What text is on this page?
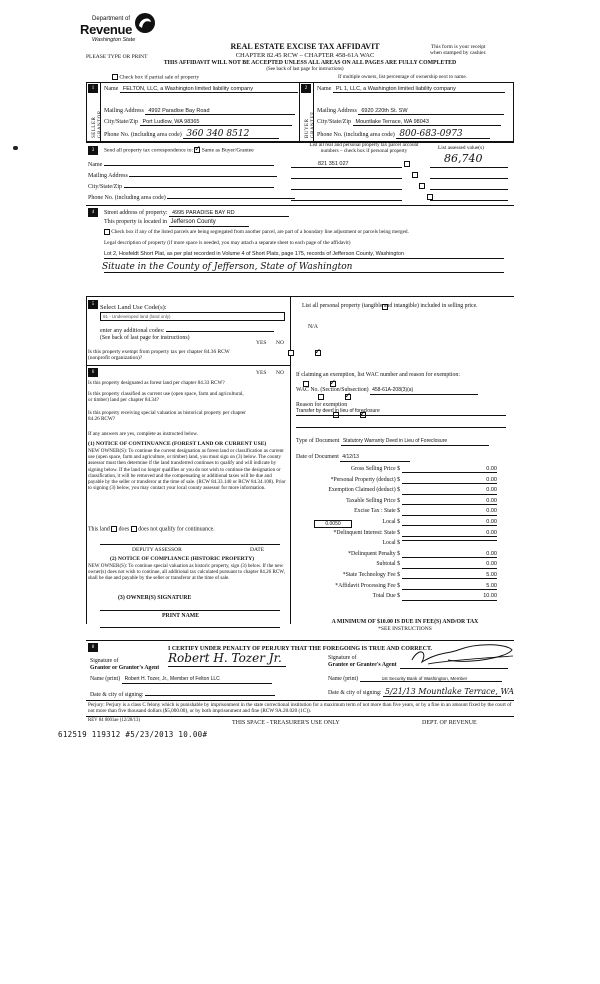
Department of
Revenue
Washington State
PLEASE TYPE OR PRINT
REAL ESTATE EXCISE TAX AFFIDAVIT
CHAPTER 82.45 RCW – CHAPTER 458-61A WAC
THIS AFFIDAVIT WILL NOT BE ACCEPTED UNLESS ALL AREAS ON ALL PAGES ARE FULLY COMPLETED
(See back of last page for instructions)
This form is your receipt
when stamped by cashier.
Check box if partial sale of property	If multiple owners, list percentage of ownership next to name.
1
SELLER
Name FELTON, LLC, a Washington limited liability company
Mailing Address 4992 Paradise Bay Road
City/State/Zip Port Ludlow, WA 98365
Phone No. (including area code) 360 340 8512
2
BUYER
Name PL 1, LLC, a Washington limited liability company
Mailing Address 6920 220th St. SW
City/State/Zip Mountlake Terrace, WA 98043
Phone No. (including area code) 800-683-0973
3	Send all property tax correspondence to: ✓ Same as Buyer/Grantee
Name
Mailing Address
City/State/Zip
Phone No. (including area code)
List all real and personal property tax parcel account numbers – check box if personal property	List assessed value(s)
821 351 027	86,740

4	Street address of property: 4995 PARADISE BAY RD
This property is located in Jefferson County
Check box if any of the listed parcels are being segregated from another parcel, are part of a boundary line adjustment or parcels being merged.
Legal description of property (if more space is needed, you may attach a separate sheet to each page of the affidavit)
Lot 2, Hosfeldt Short Plat, as per plat recorded in Volume 4 of Short Plats, page 175, records of Jefferson County, Washington
Situate in the County of Jefferson, State of Washington
5 Select Land Use Code(s):
91 - Undeveloped land (land only)
enter any additional codes:
(See back of last page for instructions)
YES NO
Is this property exempt from property tax per chapter 84.36 RCW (nonprofit organization)?
✓
6	YES NO
Is this property designated as forest land per chapter 84.33 RCW?
✓
Is this property classified as current use (open space, farm and agricultural, or timber) land per chapter 84.34?
✓
Is this property receiving special valuation as historical property per chapter 84.26 RCW?
✓
If any answers are yes, complete as instructed below.
(1) NOTICE OF CONTINUANCE (FOREST LAND OR CURRENT USE)
NEW OWNER(S): To continue the current designation as forest land or classification as current use (open space, farm and agriculture, or timber) land, you must sign on (3) below. The county assessor must then determine if the land transferred continues to qualify and will indicate by signing below. If the land no longer qualifies or you do not wish to continue the designation or classification, it will be removed and the compensating or additional taxes will be due and payable by the seller or transferor at the time of sale. (RCW 84.33.140 or RCW 84.34.108). Prior to signing (3) below, you may contact your local county assessor for more information.
This land does does not qualify for continuance.
DEPUTY ASSESSOR	DATE
(2) NOTICE OF COMPLIANCE (HISTORIC PROPERTY)
NEW OWNER(S): To continue special valuation as historic property, sign (3) below. If the new owner(s) does not wish to continue, all additional tax calculated pursuant to chapter 84.26 RCW, shall be due and payable by the seller or transferor at the time of sale.
(3) OWNER(S) SIGNATURE
PRINT NAME
List all personal property (tangible and intangible) included in selling price.
N/A
If claiming an exemption, list WAC number and reason for exemption:
WAC No. (Section/Subsection) 458-61A-208(3)(a)
Reason for exemption
Transfer by deed in lieu of foreclosure
Type of Document Statutory Warranty Deed in Lieu of Foreclosure
Date of Document 4/12/13
Gross Selling Price $	0.00
*Personal Property (deduct) $	0.00
Exemption Claimed (deduct) $	0.00
Taxable Selling Price $	0.00
Excise Tax : State $	0.00
Local $	0.00
*Delinquent Interest: State $	0.00
Local $
*Delinquent Penalty $	0.00
Subtotal $	0.00
*State Technology Fee $	5.00
*Affidavit Processing Fee $	5.00
Total Due $	10.00
0.0050
A MINIMUM OF $10.00 IS DUE IN FEE(S) AND/OR TAX
*SEE INSTRUCTIONS
8	I CERTIFY UNDER PENALTY OF PERJURY THAT THE FOREGOING IS TRUE AND CORRECT.
Signature of
Grantor or Grantor's Agent
Robert H. Tozer Jr.
Name (print) Robert H. Tozer, Jr., Member of Felton LLC
Date & city of signing:
Signature of
Grantee or Grantee's Agent
Name (print)	1st Security Bank of Washington, Member
Date & city of signing: 5/21/13 Mountlake Terrace, WA
Perjury: Perjury is a class C felony which is punishable by imprisonment in the state correctional institution for a maximum term of not more than five years, or by a fine in an amount fixed by the court of not more than five thousand dollars ($5,000.00), or by both imprisonment and fine (RCW 9A.20.020 (1C)).
REV 84 0001ae (12/28/13)	THIS SPACE - TREASURER'S USE ONLY	DEPT. OF REVENUE
612519 119312 #5/23/2013 10.00#
